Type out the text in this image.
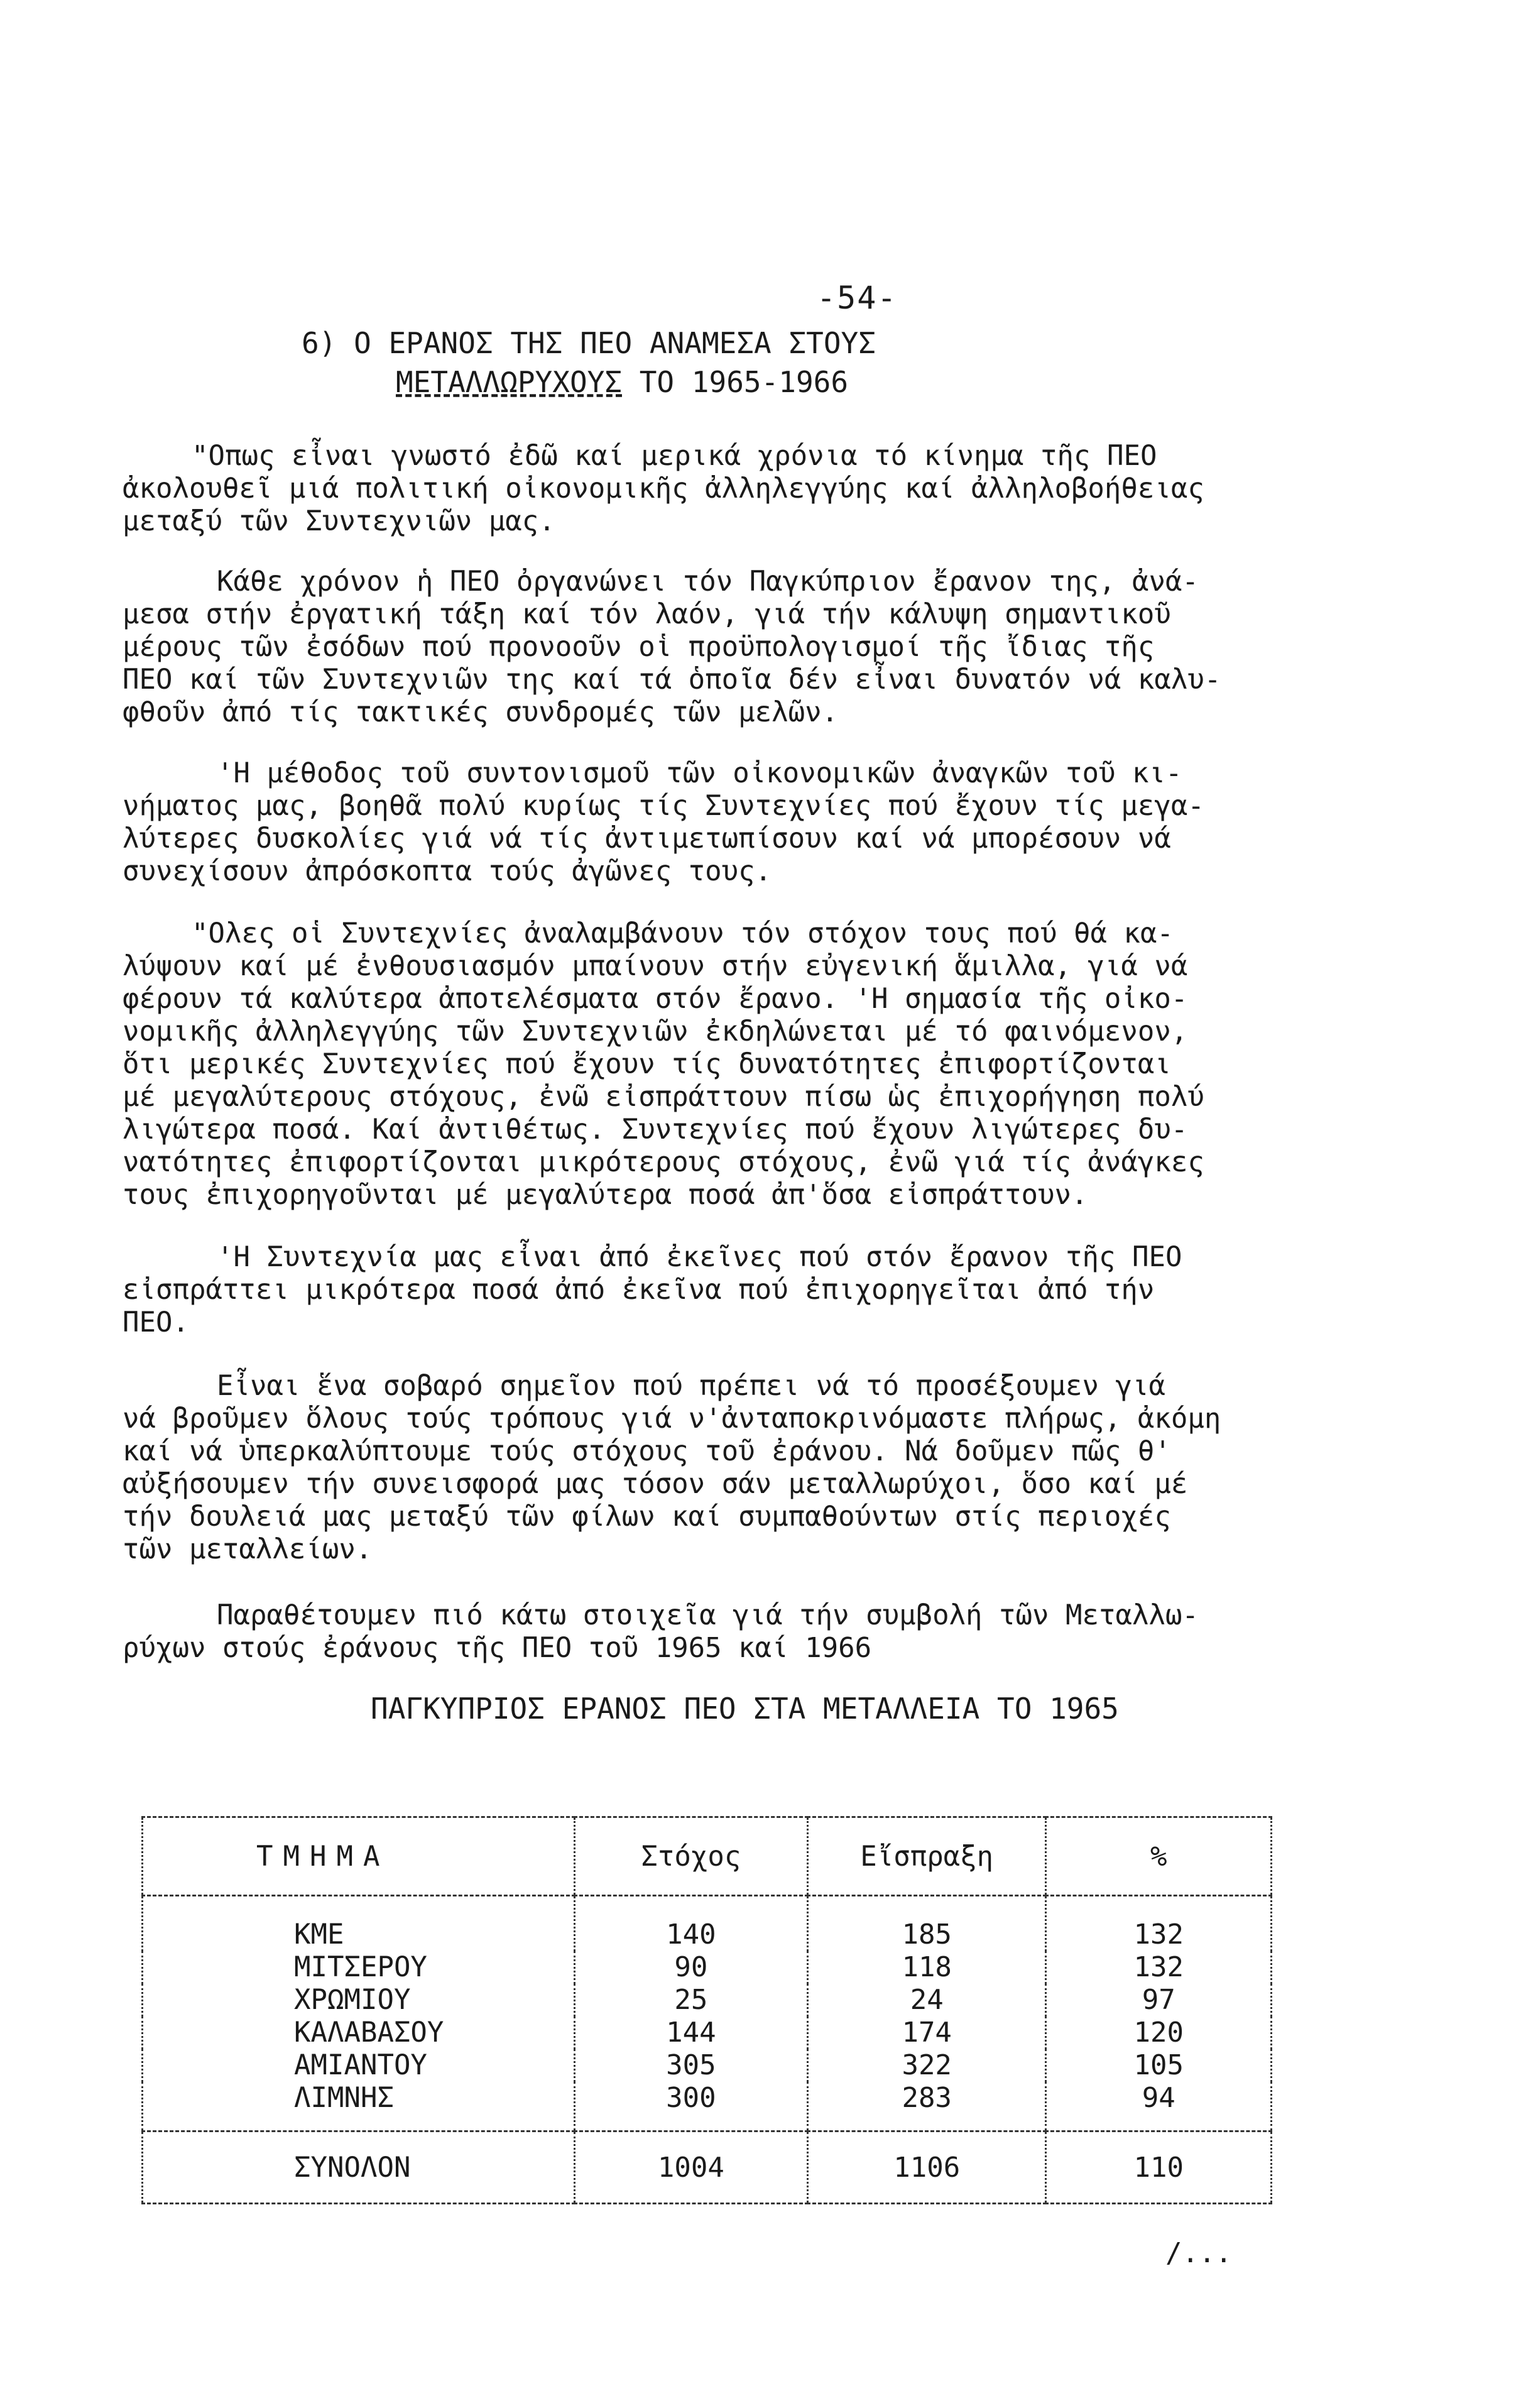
-54-
6) Ο ΕΡΑΝΟΣ ΤΗΣ ΠΕΟ ΑΝΑΜΕΣΑ ΣΤΟΥΣ
ΜΕΤΑΛΛΩΡΥΧΟΥΣ ΤΟ 1965-1966
"Οπως εἶναι γνωστό ἐδῶ καί μερικά χρόνια τό κίνημα τῆς ΠΕΟ
ἀκολουθεῖ μιά πολιτική οἰκονομικῆς ἀλληλεγγύης καί ἀλληλοβοήθειας
μεταξύ τῶν Συντεχνιῶν μας.
Κάθε χρόνον ἡ ΠΕΟ ὀργανώνει τόν Παγκύπριον ἔρανον της, ἀνά-
μεσα στήν ἐργατική τάξη καί τόν λαόν, γιά τήν κάλυψη σημαντικοῦ
μέρους τῶν ἐσόδων πού προνοοῦν οἱ προϋπολογισμοί τῆς ἴδιας τῆς
ΠΕΟ καί τῶν Συντεχνιῶν της καί τά ὁποῖα δέν εἶναι δυνατόν νά καλυ-
φθοῦν ἀπό τίς τακτικές συνδρομές τῶν μελῶν.
'Η μέθοδος τοῦ συντονισμοῦ τῶν οἰκονομικῶν ἀναγκῶν τοῦ κι-
νήματος μας, βοηθᾶ πολύ κυρίως τίς Συντεχνίες πού ἔχουν τίς μεγα-
λύτερες δυσκολίες γιά νά τίς ἀντιμετωπίσουν καί νά μπορέσουν νά
συνεχίσουν ἀπρόσκοπτα τούς ἀγῶνες τους.
"Ολες οἱ Συντεχνίες ἀναλαμβάνουν τόν στόχον τους πού θά κα-
λύψουν καί μέ ἐνθουσιασμόν μπαίνουν στήν εὐγενική ἅμιλλα, γιά νά
φέρουν τά καλύτερα ἀποτελέσματα στόν ἔρανο. 'Η σημασία τῆς οἰκο-
νομικῆς ἀλληλεγγύης τῶν Συντεχνιῶν ἐκδηλώνεται μέ τό φαινόμενον,
ὅτι μερικές Συντεχνίες πού ἔχουν τίς δυνατότητες ἐπιφορτίζονται
μέ μεγαλύτερους στόχους, ἐνῶ εἰσπράττουν πίσω ὡς ἐπιχορήγηση πολύ
λιγώτερα ποσά. Καί ἀντιθέτως. Συντεχνίες πού ἔχουν λιγώτερες δυ-
νατότητες ἐπιφορτίζονται μικρότερους στόχους, ἐνῶ γιά τίς ἀνάγκες
τους ἐπιχορηγοῦνται μέ μεγαλύτερα ποσά ἀπ'ὅσα εἰσπράττουν.
'Η Συντεχνία μας εἶναι ἀπό ἐκεῖνες πού στόν ἔρανον τῆς ΠΕΟ
εἰσπράττει μικρότερα ποσά ἀπό ἐκεῖνα πού ἐπιχορηγεῖται ἀπό τήν
ΠΕΟ.
Εἶναι ἕνα σοβαρό σημεῖον πού πρέπει νά τό προσέξουμεν γιά
νά βροῦμεν ὅλους τούς τρόπους γιά ν'ἀνταποκρινόμαστε πλήρως, ἀκόμη
καί νά ὑπερκαλύπτουμε τούς στόχους τοῦ ἐράνου. Νά δοῦμεν πῶς θ'
αὐξήσουμεν τήν συνεισφορά μας τόσον σάν μεταλλωρύχοι, ὅσο καί μέ
τήν δουλειά μας μεταξύ τῶν φίλων καί συμπαθούντων στίς περιοχές
τῶν μεταλλείων.
Παραθέτουμεν πιό κάτω στοιχεῖα γιά τήν συμβολή τῶν Μεταλλω-
ρύχων στούς ἐράνους τῆς ΠΕΟ τοῦ 1965 καί 1966
ΠΑΓΚΥΠΡΙΟΣ ΕΡΑΝΟΣ ΠΕΟ ΣΤΑ ΜΕΤΑΛΛΕΙΑ ΤΟ 1965
ΤΜΗΜΑ	Στόχος	Εἴσπραξη	%
ΚΜΕ	140	185	132
ΜΙΤΣΕΡΟΥ	90	118	132
ΧΡΩΜΙΟΥ	25	24	97
ΚΑΛΑΒΑΣΟΥ	144	174	120
ΑΜΙΑΝΤΟΥ	305	322	105
ΛΙΜΝΗΣ	300	283	94
ΣΥΝΟΛΟΝ	1004	1106	110
/...
